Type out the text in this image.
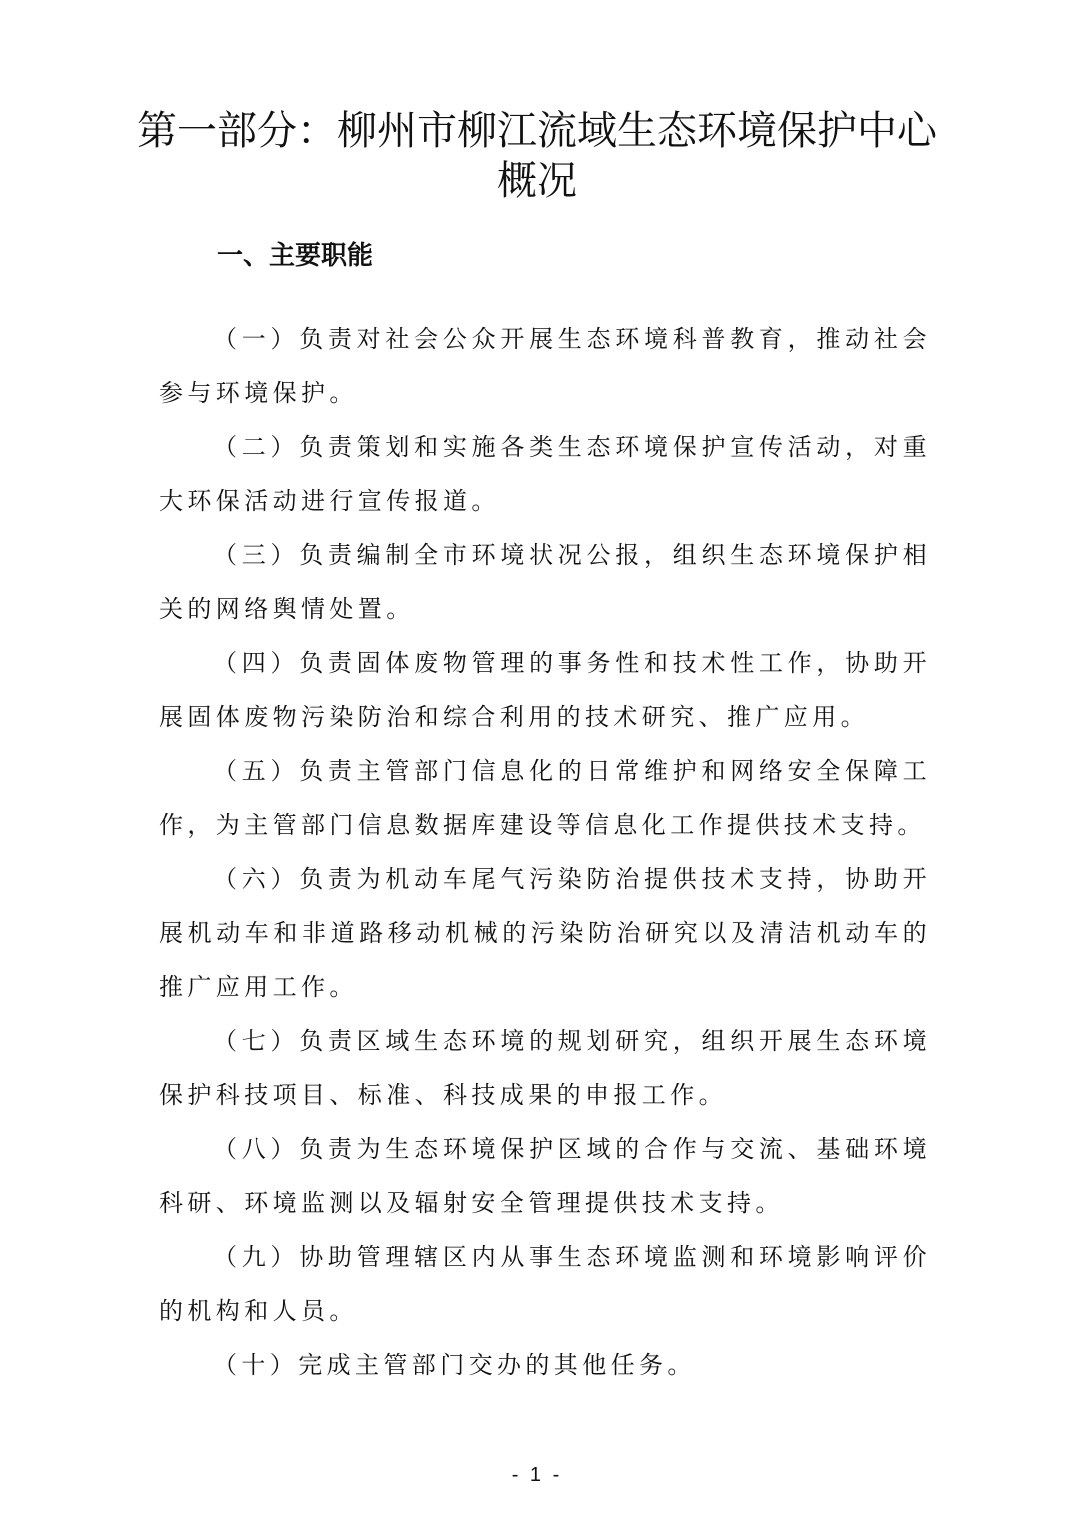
第一部分：柳州市柳江流域生态环境保护中心概况
一、主要职能
（一）负责对社会公众开展生态环境科普教育，推动社会参与环境保护。
（二）负责策划和实施各类生态环境保护宣传活动，对重大环保活动进行宣传报道。
（三）负责编制全市环境状况公报，组织生态环境保护相关的网络舆情处置。
（四）负责固体废物管理的事务性和技术性工作，协助开展固体废物污染防治和综合利用的技术研究、推广应用。
（五）负责主管部门信息化的日常维护和网络安全保障工作，为主管部门信息数据库建设等信息化工作提供技术支持。
（六）负责为机动车尾气污染防治提供技术支持，协助开展机动车和非道路移动机械的污染防治研究以及清洁机动车的推广应用工作。
（七）负责区域生态环境的规划研究，组织开展生态环境保护科技项目、标准、科技成果的申报工作。
（八）负责为生态环境保护区域的合作与交流、基础环境科研、环境监测以及辐射安全管理提供技术支持。
（九）协助管理辖区内从事生态环境监测和环境影响评价的机构和人员。
（十）完成主管部门交办的其他任务。
- 1 -
